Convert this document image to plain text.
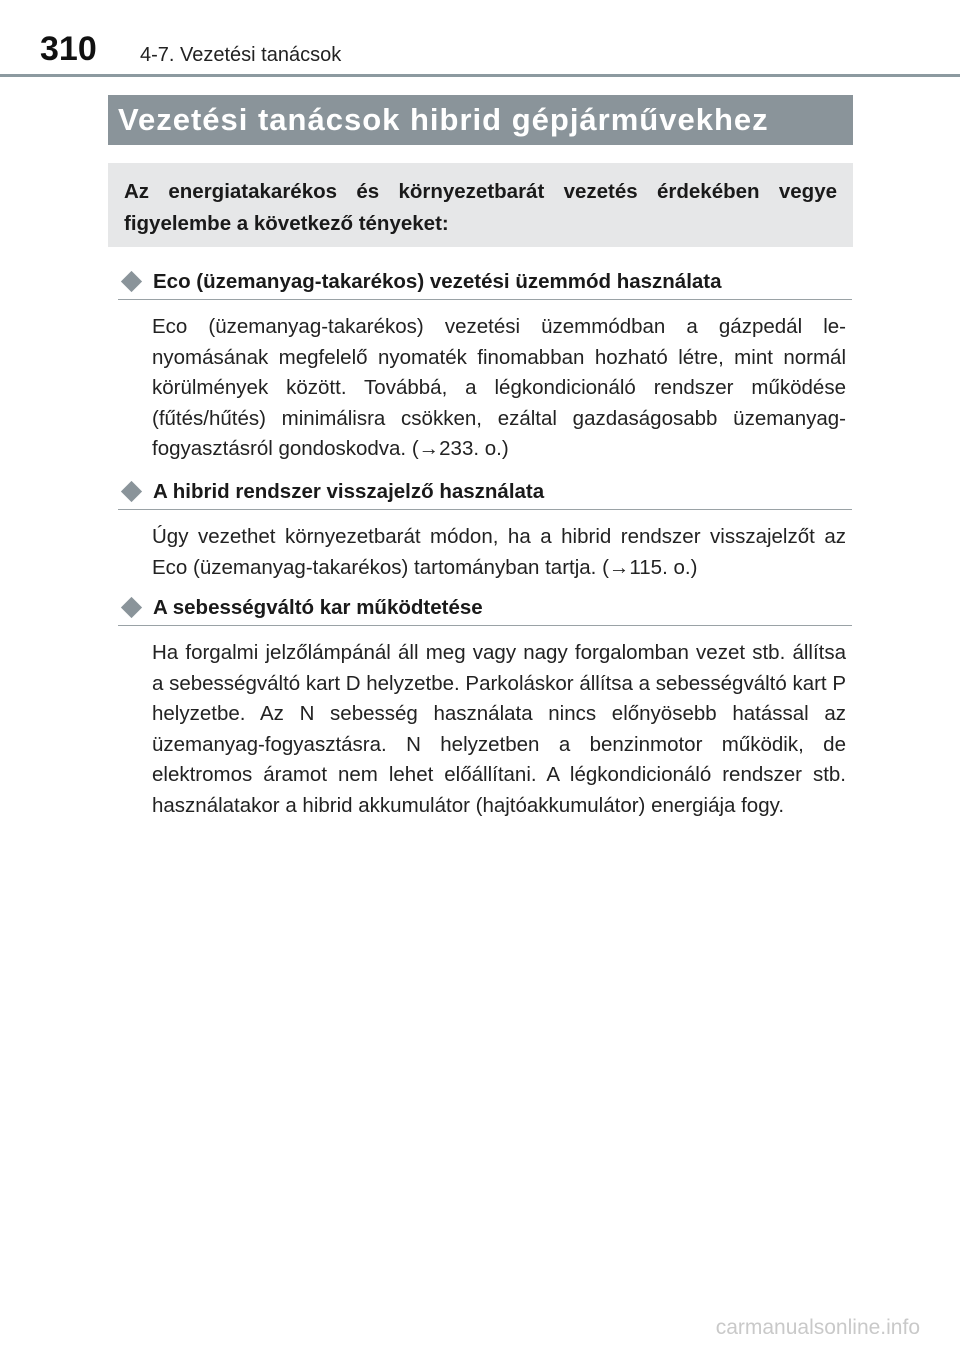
310 4-7. Vezetési tanácsok
Vezetési tanácsok hibrid gépjárművekhez

Az energiatakarékos és környezetbarát vezetés érdekében vegye figyelembe a következő tényeket:

Eco (üzemanyag-takarékos) vezetési üzemmód használata

Eco (üzemanyag-takarékos) vezetési üzemmódban a gázpedál lenyomásának megfelelő nyomaték finomabban hozható létre, mint normál körülmények között. Továbbá, a légkondicionáló rendszer működése (fűtés/hűtés) minimálisra csökken, ezáltal gazdaságosabb üzemanyag-fogyasztásról gondoskodva. (→233. o.)

A hibrid rendszer visszajelző használata

Úgy vezethet környezetbarát módon, ha a hibrid rendszer visszajelzőt az Eco (üzemanyag-takarékos) tartományban tartja. (→115. o.)

A sebességváltó kar működtetése

Ha forgalmi jelzőlámpánál áll meg vagy nagy forgalomban vezet stb. állítsa a sebességváltó kart D helyzetbe. Parkoláskor állítsa a sebességváltó kart P helyzetbe. Az N sebesség használata nincs előnyösebb hatással az üzemanyag-fogyasztásra. N helyzetben a benzinmotor működik, de elektromos áramot nem lehet előállítani. A légkondicionáló rendszer stb. használatakor a hibrid akkumulátor (hajtóakkumulátor) energiája fogy.

carmanualsonline.info
